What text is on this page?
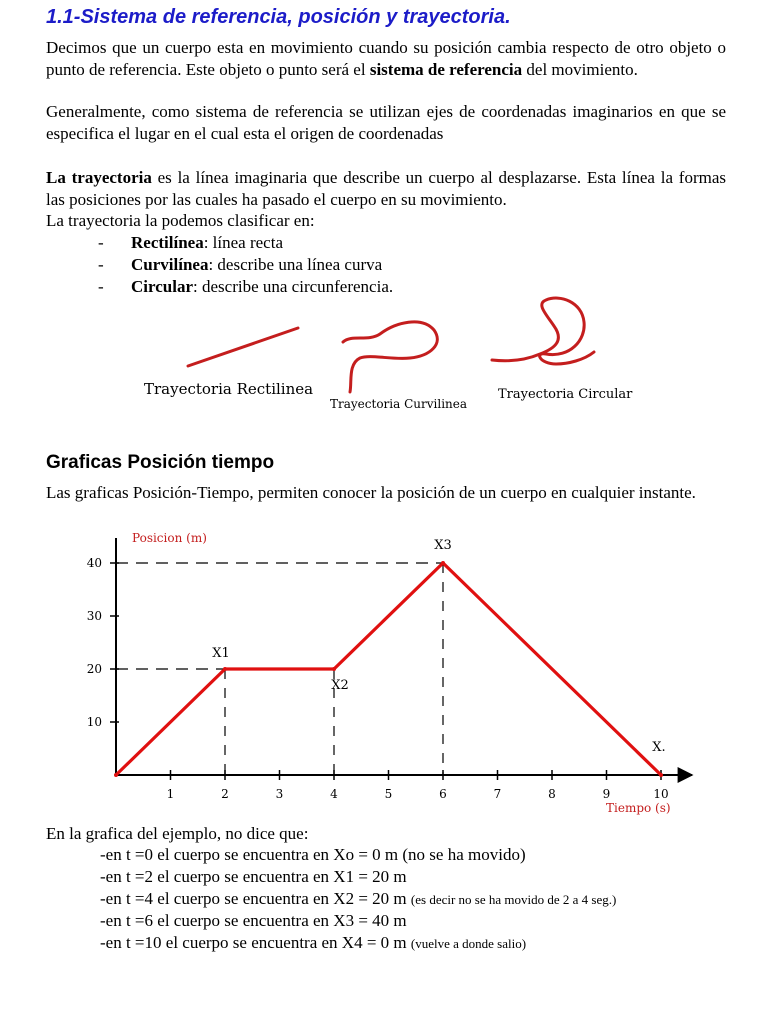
1.1-Sistema de referencia, posición y trayectoria.

Decimos que un cuerpo esta en movimiento cuando su posición cambia respecto de otro objeto o punto de referencia. Este objeto o punto será el sistema de referencia del movimiento.

Generalmente, como sistema de referencia se utilizan ejes de coordenadas imaginarios en que se especifica el lugar en el cual esta el origen de coordenadas

La trayectoria es la línea imaginaria que describe un cuerpo al desplazarse. Esta línea la formas las posiciones por las cuales ha pasado el cuerpo en su movimiento.

La trayectoria la podemos clasificar en:

- Rectilínea: línea recta
- Curvilínea: describe una línea curva
- Circular: describe una circunferencia.
Trayectoria Rectilinea
Trayectoria Curvilinea
Trayectoria Circular
Graficas Posición tiempo

Las graficas Posición-Tiempo, permiten conocer la posición de un cuerpo en cualquier instante.

Posicion (m)
Tiempo (s)
1	2	3	4	5	6	7	8	9	10
10
20
30
40
X1
X2
X3
X.

En la grafica del ejemplo, no dice que:

-en t =0 el cuerpo se encuentra en Xo = 0 m (no se ha movido)
-en t =2 el cuerpo se encuentra en X1 = 20 m
-en t =4 el cuerpo se encuentra en X2 = 20 m (es decir no se ha movido de 2 a 4 seg.)
-en t =6 el cuerpo se encuentra en X3 = 40 m
-en t =10 el cuerpo se encuentra en X4 = 0 m (vuelve a donde salio)
